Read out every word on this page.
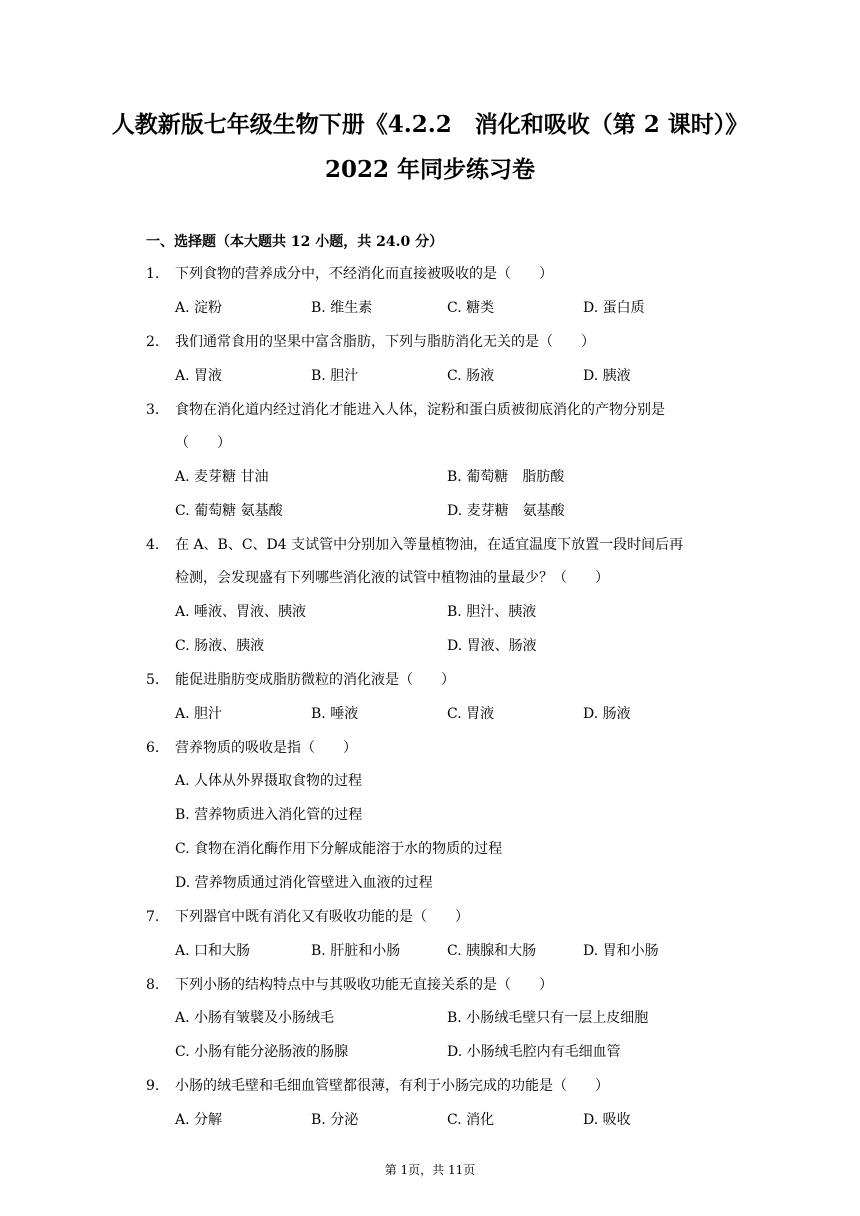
人教新版七年级生物下册《4.2.2　消化和吸收（第 2 课时）》
2022 年同步练习卷
一、选择题（本大题共 12 小题，共 24.0 分）
1. 下列食物的营养成分中，不经消化而直接被吸收的是（　　）
A. 淀粉	B. 维生素	C. 糖类	D. 蛋白质
2. 我们通常食用的坚果中富含脂肪，下列与脂肪消化无关的是（　　）
A. 胃液	B. 胆汁	C. 肠液	D. 胰液
3. 食物在消化道内经过消化才能进入人体，淀粉和蛋白质被彻底消化的产物分别是
（　　）
A. 麦芽糖 甘油	B. 葡萄糖　脂肪酸
C. 葡萄糖 氨基酸	D. 麦芽糖　氨基酸
4. 在 A、B、C、D4 支试管中分别加入等量植物油，在适宜温度下放置一段时间后再
检测，会发现盛有下列哪些消化液的试管中植物油的量最少？（　　）
A. 唾液、胃液、胰液	B. 胆汁、胰液
C. 肠液、胰液	D. 胃液、肠液
5. 能促进脂肪变成脂肪微粒的消化液是（　　）
A. 胆汁	B. 唾液	C. 胃液	D. 肠液
6. 营养物质的吸收是指（　　）
A. 人体从外界摄取食物的过程
B. 营养物质进入消化管的过程
C. 食物在消化酶作用下分解成能溶于水的物质的过程
D. 营养物质通过消化管壁进入血液的过程
7. 下列器官中既有消化又有吸收功能的是（　　）
A. 口和大肠	B. 肝脏和小肠	C. 胰腺和大肠	D. 胃和小肠
8. 下列小肠的结构特点中与其吸收功能无直接关系的是（　　）
A. 小肠有皱襞及小肠绒毛	B. 小肠绒毛壁只有一层上皮细胞
C. 小肠有能分泌肠液的肠腺	D. 小肠绒毛腔内有毛细血管
9. 小肠的绒毛壁和毛细血管壁都很薄，有利于小肠完成的功能是（　　）
A. 分解	B. 分泌	C. 消化	D. 吸收
第 1页，共 11页
